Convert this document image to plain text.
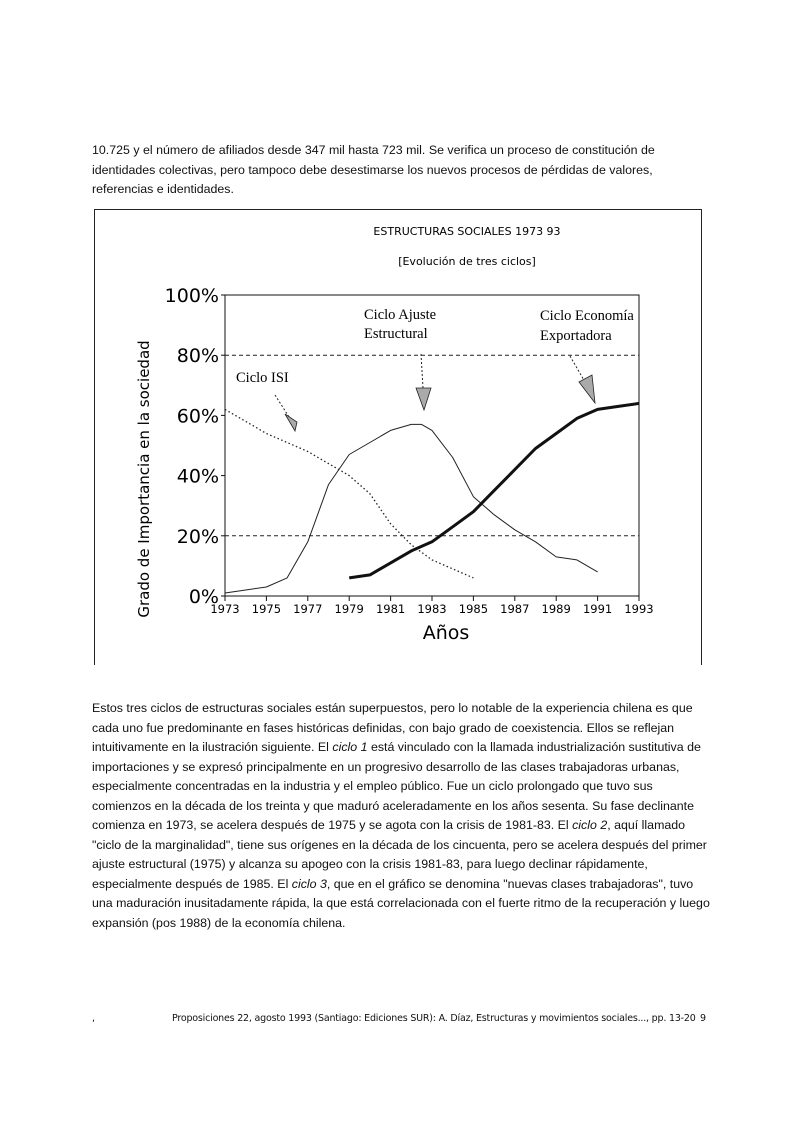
10.725 y el número de afiliados desde 347 mil hasta 723 mil. Se verifica un proceso de constitución de identidades colectivas, pero tampoco debe desestimarse los nuevos procesos de pérdidas de valores, referencias e identidades.

ESTRUCTURAS SOCIALES 1973 93
[Evolución de tres ciclos]
Grado de Importancia en la sociedad
Años
0%
20%
40%
60%
80%
100%
1973 1975 1977 1979 1981 1983 1985 1987 1989 1991 1993
Ciclo ISI
Ciclo Ajuste
Estructural
Ciclo Economía
Exportadora

Estos tres ciclos de estructuras sociales están superpuestos, pero lo notable de la experiencia chilena es que cada uno fue predominante en fases históricas definidas, con bajo grado de coexistencia. Ellos se reflejan intuitivamente en la ilustración siguiente. El ciclo 1 está vinculado con la llamada industrialización sustitutiva de importaciones y se expresó principalmente en un progresivo desarrollo de las clases trabajadoras urbanas, especialmente concentradas en la industria y el empleo público. Fue un ciclo prolongado que tuvo sus comienzos en la década de los treinta y que maduró aceleradamente en los años sesenta. Su fase declinante comienza en 1973, se acelera después de 1975 y se agota con la crisis de 1981-83. El ciclo 2, aquí llamado "ciclo de la marginalidad", tiene sus orígenes en la década de los cincuenta, pero se acelera después del primer ajuste estructural (1975) y alcanza su apogeo con la crisis 1981-83, para luego declinar rápidamente, especialmente después de 1985. El ciclo 3, que en el gráfico se denomina "nuevas clases trabajadoras", tuvo una maduración inusitadamente rápida, la que está correlacionada con el fuerte ritmo de la recuperación y luego expansión (pos 1988) de la economía chilena.

,	Proposiciones 22, agosto 1993 (Santiago: Ediciones SUR): A. Díaz, Estructuras y movimientos sociales..., pp. 13-20 9
